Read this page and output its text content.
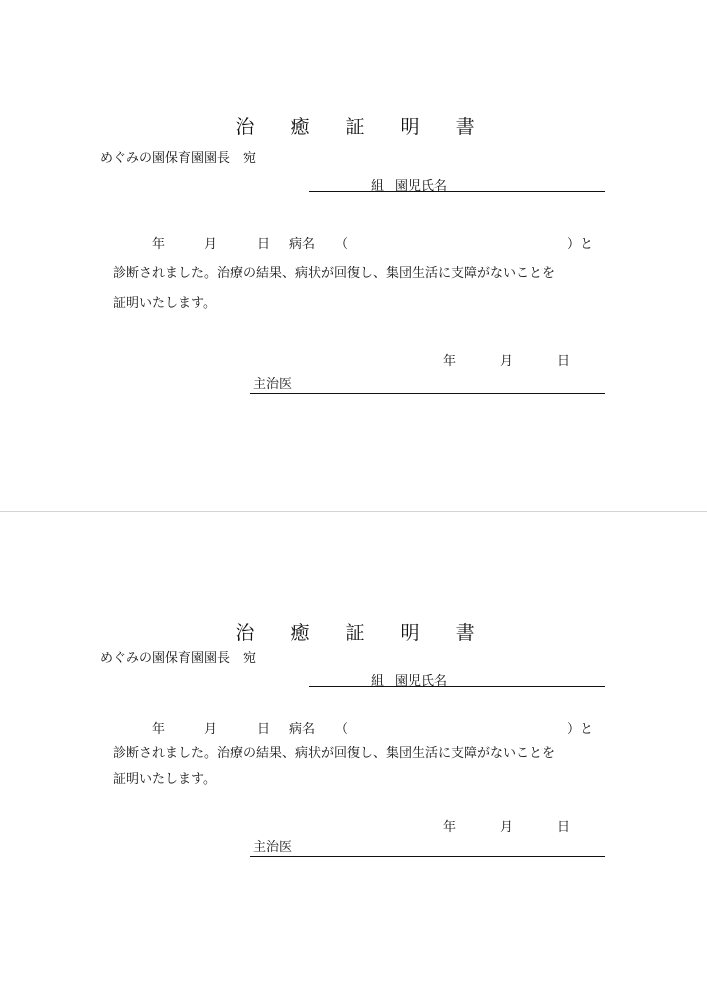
治 癒 証 明 書
めぐみの園保育園園長　宛
組 園児氏名
年	月	日 病名 （	）と
診断されました。治療の結果、病状が回復し、集団生活に支障がないことを
証明いたします。
年	月	日
主治医
治 癒 証 明 書
めぐみの園保育園園長　宛
組 園児氏名
年	月	日 病名 （	）と
診断されました。治療の結果、病状が回復し、集団生活に支障がないことを
証明いたします。
年	月	日
主治医
